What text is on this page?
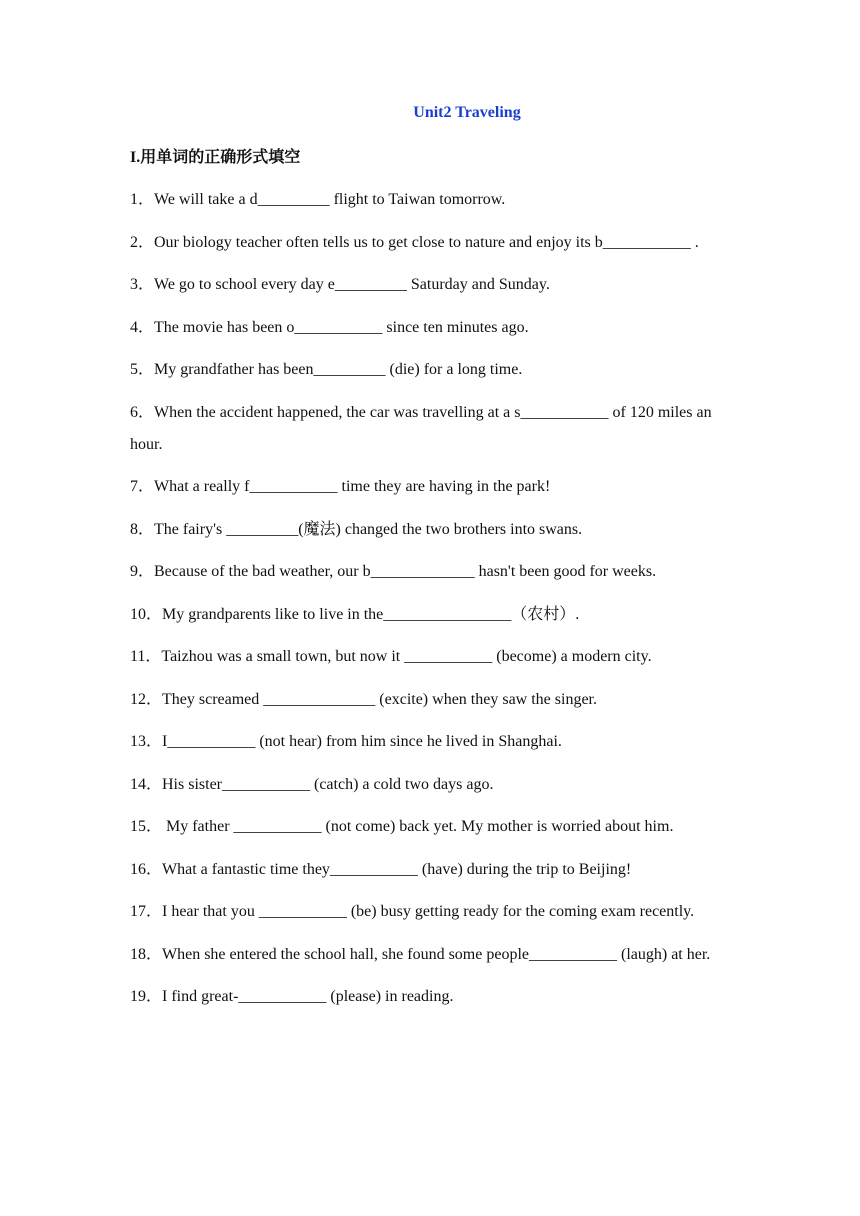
Unit2 Traveling
I.用单词的正确形式填空

1．We will take a d_________ flight to Taiwan tomorrow.

2．Our biology teacher often tells us to get close to nature and enjoy its b___________ .

3．We go to school every day e_________ Saturday and Sunday.

4．The movie has been o___________ since ten minutes ago.

5．My grandfather has been_________ (die) for a long time.

6．When the accident happened, the car was travelling at a s___________ of 120 miles an hour.

7．What a really f___________ time they are having in the park!

8．The fairy's _________(魔法) changed the two brothers into swans.

9．Because of the bad weather, our b_____________ hasn't been good for weeks.

10．My grandparents like to live in the________________（农村）.

11．Taizhou was a small town, but now it ___________ (become) a modern city.

12．They screamed ______________ (excite) when they saw the singer.

13．I___________ (not hear) from him since he lived in Shanghai.

14．His sister___________ (catch) a cold two days ago.

15． My father ___________ (not come) back yet. My mother is worried about him.

16．What a fantastic time they___________ (have) during the trip to Beijing!

17．I hear that you ___________ (be) busy getting ready for the coming exam recently.

18．When she entered the school hall, she found some people___________ (laugh) at her.

19．I find great-___________ (please) in reading.
